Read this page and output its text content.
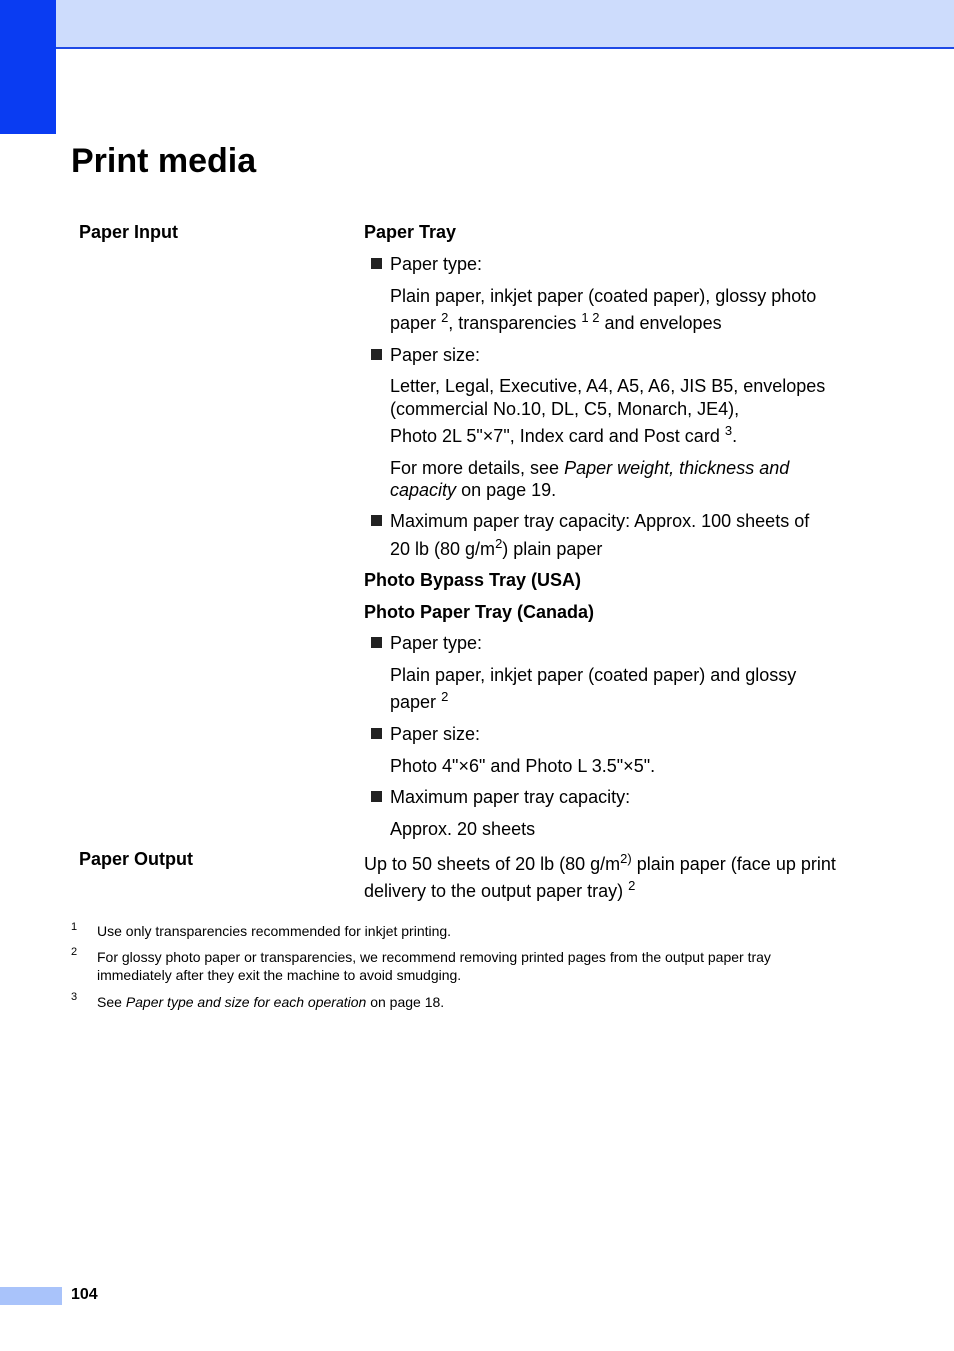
Print media
Paper Input
Paper Output
Paper Tray
Paper type:
Plain paper, inkjet paper (coated paper), glossy photo
paper $^2$, transparencies $^{1 2}$ and envelopes
Paper size:
Letter, Legal, Executive, A4, A5, A6, JIS B5, envelopes
(commercial No.10, DL, C5, Monarch, JE4),
Photo 2L 5"×7", Index card and Post card $^3$.
For more details, see Paper weight, thickness and
capacity on page 19.
Maximum paper tray capacity: Approx. 100 sheets of
20 lb (80 $g/m^2$) plain paper
Photo Bypass Tray (USA)
Photo Paper Tray (Canada)
Paper type:
Plain paper, inkjet paper (coated paper) and glossy
paper $^2$
Paper size:
Photo 4"×6" and Photo L 3.5"×5".
Maximum paper tray capacity:
Approx. 20 sheets
Up to 50 sheets of 20 lb (80 $g/m^{2)}$ plain paper (face up print
delivery to the output paper tray) $^2$
1 Use only transparencies recommended for inkjet printing.
2 For glossy photo paper or transparencies, we recommend removing printed pages from the output paper tray immediately after they exit the machine to avoid smudging.
3 See Paper type and size for each operation on page 18.
104
